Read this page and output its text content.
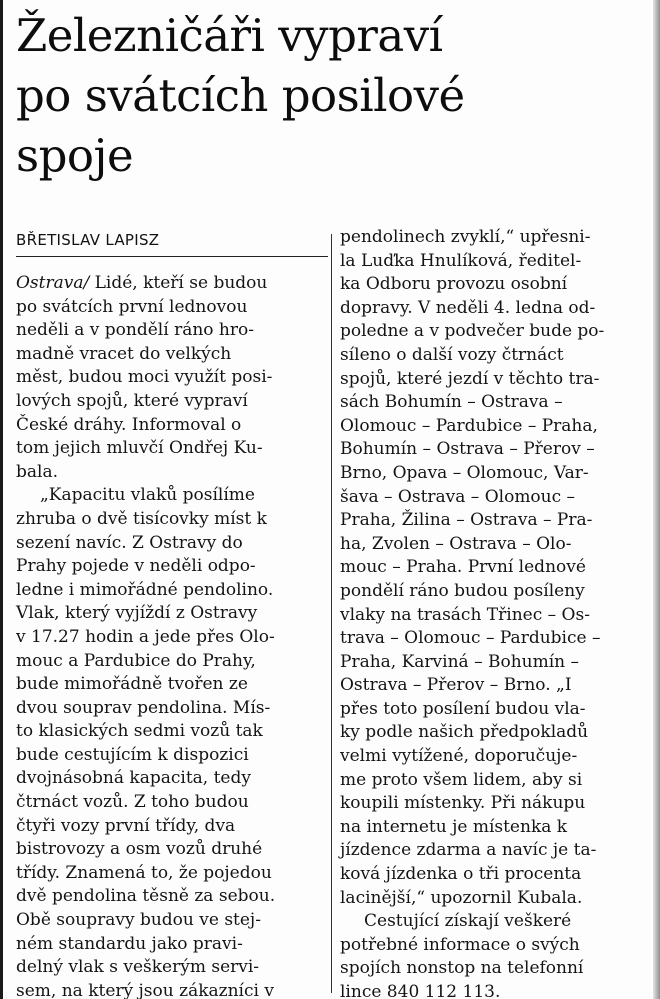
Železničáři vypraví
po svátcích posilové
spoje
BŘETISLAV LAPISZ
Ostrava/ Lidé, kteří se budou
po svátcích první lednovou
neděli a v pondělí ráno hro-
madně vracet do velkých
měst, budou moci využít posi-
lových spojů, které vypraví
České dráhy. Informoval o
tom jejich mluvčí Ondřej Ku-
bala.
„Kapacitu vlaků posílíme
zhruba o dvě tisícovky míst k
sezení navíc. Z Ostravy do
Prahy pojede v neděli odpo-
ledne i mimořádné pendolino.
Vlak, který vyjíždí z Ostravy
v 17.27 hodin a jede přes Olo-
mouc a Pardubice do Prahy,
bude mimořádně tvořen ze
dvou souprav pendolina. Mís-
to klasických sedmi vozů tak
bude cestujícím k dispozici
dvojnásobná kapacita, tedy
čtrnáct vozů. Z toho budou
čtyři vozy první třídy, dva
bistrovozy a osm vozů druhé
třídy. Znamená to, že pojedou
dvě pendolina těsně za sebou.
Obě soupravy budou ve stej-
ném standardu jako pravi-
delný vlak s veškerým servi-
sem, na který jsou zákazníci v
pendolinech zvyklí,“ upřesni-
la Luďka Hnulíková, ředitel-
ka Odboru provozu osobní
dopravy. V neděli 4. ledna od-
poledne a v podvečer bude po-
síleno o další vozy čtrnáct
spojů, které jezdí v těchto tra-
sách Bohumín – Ostrava –
Olomouc – Pardubice – Praha,
Bohumín – Ostrava – Přerov –
Brno, Opava – Olomouc, Var-
šava – Ostrava – Olomouc –
Praha, Žilina – Ostrava – Pra-
ha, Zvolen – Ostrava – Olo-
mouc – Praha. První lednové
pondělí ráno budou posíleny
vlaky na trasách Třinec – Os-
trava – Olomouc – Pardubice –
Praha, Karviná – Bohumín –
Ostrava – Přerov – Brno. „I
přes toto posílení budou vla-
ky podle našich předpokladů
velmi vytížené, doporučuje-
me proto všem lidem, aby si
koupili místenky. Při nákupu
na internetu je místenka k
jízdence zdarma a navíc je ta-
ková jízdenka o tři procenta
lacinější,“ upozornil Kubala.
Cestující získají veškeré
potřebné informace o svých
spojích nonstop na telefonní
lince 840 112 113.
